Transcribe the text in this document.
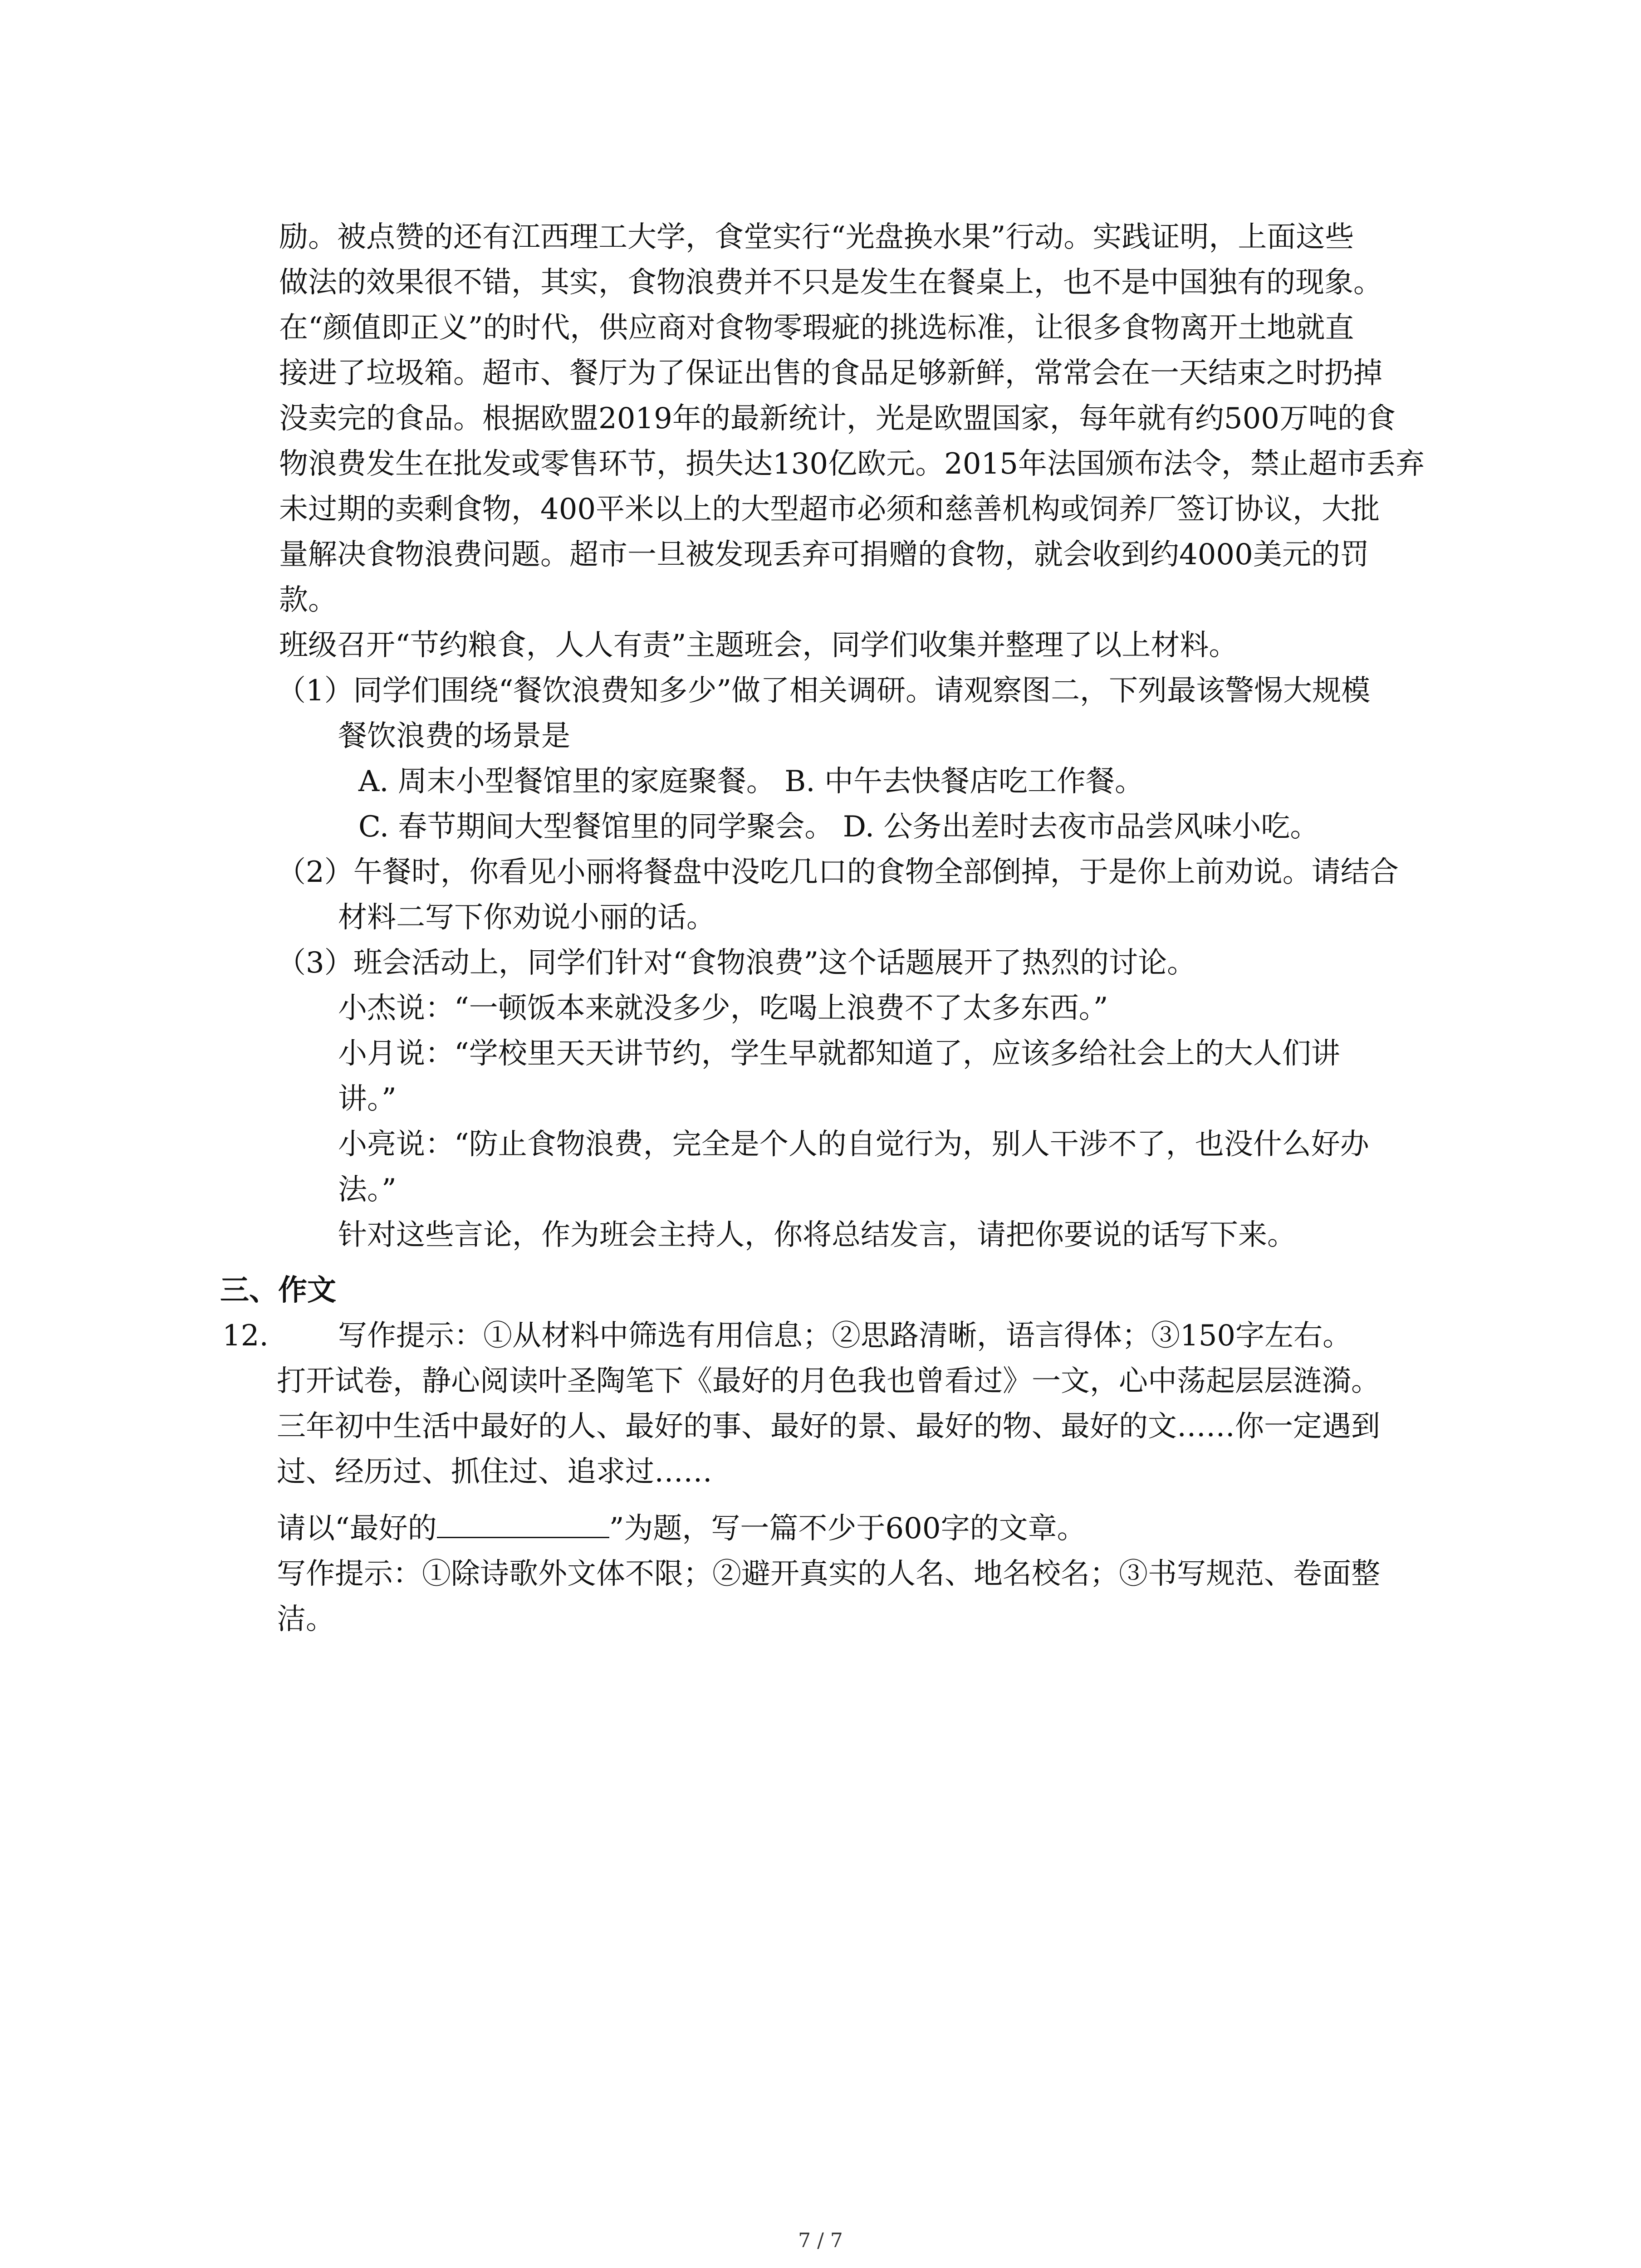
励。被点赞的还有江西理工大学，食堂实行“光盘换水果”行动。实践证明，上面这些
做法的效果很不错，其实，食物浪费并不只是发生在餐桌上，也不是中国独有的现象。
在“颜值即正义”的时代，供应商对食物零瑕疵的挑选标准，让很多食物离开土地就直
接进了垃圾箱。超市、餐厅为了保证出售的食品足够新鲜，常常会在一天结束之时扔掉
没卖完的食品。根据欧盟2019年的最新统计，光是欧盟国家，每年就有约500万吨的食
物浪费发生在批发或零售环节，损失达130亿欧元。2015年法国颁布法令，禁止超市丢弃
未过期的卖剩食物，400平米以上的大型超市必须和慈善机构或饲养厂签订协议，大批
量解决食物浪费问题。超市一旦被发现丢弃可捐赠的食物，就会收到约4000美元的罚
款。
班级召开“节约粮食，人人有责”主题班会，同学们收集并整理了以上材料。
（1）同学们围绕“餐饮浪费知多少”做了相关调研。请观察图二，下列最该警惕大规模
餐饮浪费的场景是
A. 周末小型餐馆里的家庭聚餐。 B. 中午去快餐店吃工作餐。
C. 春节期间大型餐馆里的同学聚会。 D. 公务出差时去夜市品尝风味小吃。
（2）午餐时，你看见小丽将餐盘中没吃几口的食物全部倒掉，于是你上前劝说。请结合
材料二写下你劝说小丽的话。
（3）班会活动上，同学们针对“食物浪费”这个话题展开了热烈的讨论。
小杰说：“一顿饭本来就没多少，吃喝上浪费不了太多东西。”
小月说：“学校里天天讲节约，学生早就都知道了，应该多给社会上的大人们讲
讲。”
小亮说：“防止食物浪费，完全是个人的自觉行为，别人干涉不了，也没什么好办
法。”
针对这些言论，作为班会主持人，你将总结发言，请把你要说的话写下来。
三、作文
12. 写作提示：①从材料中筛选有用信息；②思路清晰，语言得体；③150字左右。
打开试卷，静心阅读叶圣陶笔下《最好的月色我也曾看过》一文，心中荡起层层涟漪。
三年初中生活中最好的人、最好的事、最好的景、最好的物、最好的文……你一定遇到
过、经历过、抓住过、追求过……
请以“最好的	”为题，写一篇不少于600字的文章。
写作提示：①除诗歌外文体不限；②避开真实的人名、地名校名；③书写规范、卷面整
洁。
7 / 7
